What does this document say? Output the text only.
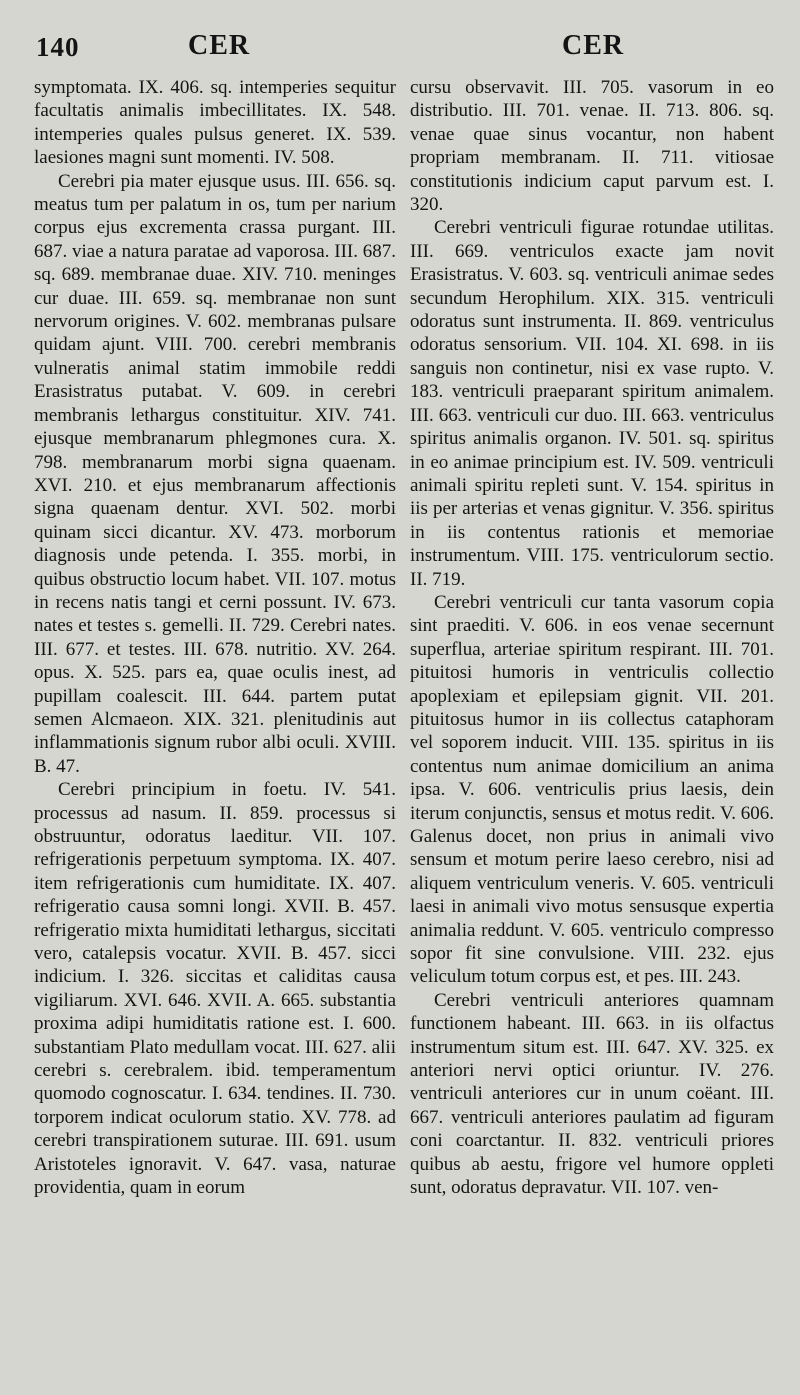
140	CER	CER

symptomata. IX. 406. sq. intemperies sequitur facultatis animalis imbecillitates. IX. 548. intemperies quales pulsus generet. IX. 539. laesiones magni sunt momenti. IV. 508.

Cerebri pia mater ejusque usus. III. 656. sq. meatus tum per palatum in os, tum per narium corpus ejus excrementa crassa purgant. III. 687. viae a natura paratae ad vaporosa. III. 687. sq. 689. membranae duae. XIV. 710. meninges cur duae. III. 659. sq. membranae non sunt nervorum origines. V. 602. membranas pulsare quidam ajunt. VIII. 700. cerebri membranis vulneratis animal statim immobile reddi Erasistratus putabat. V. 609. in cerebri membranis lethargus constituitur. XIV. 741. ejusque membranarum phlegmones cura. X. 798. membranarum morbi signa quaenam. XVI. 210. et ejus membranarum affectionis signa quaenam dentur. XVI. 502. morbi quinam sicci dicantur. XV. 473. morborum diagnosis unde petenda. I. 355. morbi, in quibus obstructio locum habet. VII. 107. motus in recens natis tangi et cerni possunt. IV. 673. nates et testes s. gemelli. II. 729. Cerebri nates. III. 677. et testes. III. 678. nutritio. XV. 264. opus. X. 525. pars ea, quae oculis inest, ad pupillam coalescit. III. 644. partem putat semen Alcmaeon. XIX. 321. plenitudinis aut inflammationis signum rubor albi oculi. XVIII. B. 47.

Cerebri principium in foetu. IV. 541. processus ad nasum. II. 859. processus si obstruuntur, odoratus laeditur. VII. 107. refrigerationis perpetuum symptoma. IX. 407. item refrigerationis cum humiditate. IX. 407. refrigeratio causa somni longi. XVII. B. 457. refrigeratio mixta humiditati lethargus, siccitati vero, catalepsis vocatur. XVII. B. 457. sicci indicium. I. 326. siccitas et caliditas causa vigiliarum. XVI. 646. XVII. A. 665. substantia proxima adipi humiditatis ratione est. I. 600. substantiam Plato medullam vocat. III. 627. alii cerebri s. cerebralem. ibid. temperamentum quomodo cognoscatur. I. 634. tendines. II. 730. torporem indicat oculorum statio. XV. 778. ad cerebri transpirationem suturae. III. 691. usum Aristoteles ignoravit. V. 647. vasa, naturae providentia, quam in eorum

cursu observavit. III. 705. vasorum in eo distributio. III. 701. venae. II. 713. 806. sq. venae quae sinus vocantur, non habent propriam membranam. II. 711. vitiosae constitutionis indicium caput parvum est. I. 320.

Cerebri ventriculi figurae rotundae utilitas. III. 669. ventriculos exacte jam novit Erasistratus. V. 603. sq. ventriculi animae sedes secundum Herophilum. XIX. 315. ventriculi odoratus sunt instrumenta. II. 869. ventriculus odoratus sensorium. VII. 104. XI. 698. in iis sanguis non continetur, nisi ex vase rupto. V. 183. ventriculi praeparant spiritum animalem. III. 663. ventriculi cur duo. III. 663. ventriculus spiritus animalis organon. IV. 501. sq. spiritus in eo animae principium est. IV. 509. ventriculi animali spiritu repleti sunt. V. 154. spiritus in iis per arterias et venas gignitur. V. 356. spiritus in iis contentus rationis et memoriae instrumentum. VIII. 175. ventriculorum sectio. II. 719.

Cerebri ventriculi cur tanta vasorum copia sint praediti. V. 606. in eos venae secernunt superflua, arteriae spiritum respirant. III. 701. pituitosi humoris in ventriculis collectio apoplexiam et epilepsiam gignit. VII. 201. pituitosus humor in iis collectus cataphoram vel soporem inducit. VIII. 135. spiritus in iis contentus num animae domicilium an anima ipsa. V. 606. ventriculis prius laesis, dein iterum conjunctis, sensus et motus redit. V. 606. Galenus docet, non prius in animali vivo sensum et motum perire laeso cerebro, nisi ad aliquem ventriculum veneris. V. 605. ventriculi laesi in animali vivo motus sensusque expertia animalia reddunt. V. 605. ventriculo compresso sopor fit sine convulsione. VIII. 232. ejus veliculum totum corpus est, et pes. III. 243.

Cerebri ventriculi anteriores quamnam functionem habeant. III. 663. in iis olfactus instrumentum situm est. III. 647. XV. 325. ex anteriori nervi optici oriuntur. IV. 276. ventriculi anteriores cur in unum coëant. III. 667. ventriculi anteriores paulatim ad figuram coni coarctantur. II. 832. ventriculi priores quibus ab aestu, frigore vel humore oppleti sunt, odoratus depravatur. VII. 107. ven-
